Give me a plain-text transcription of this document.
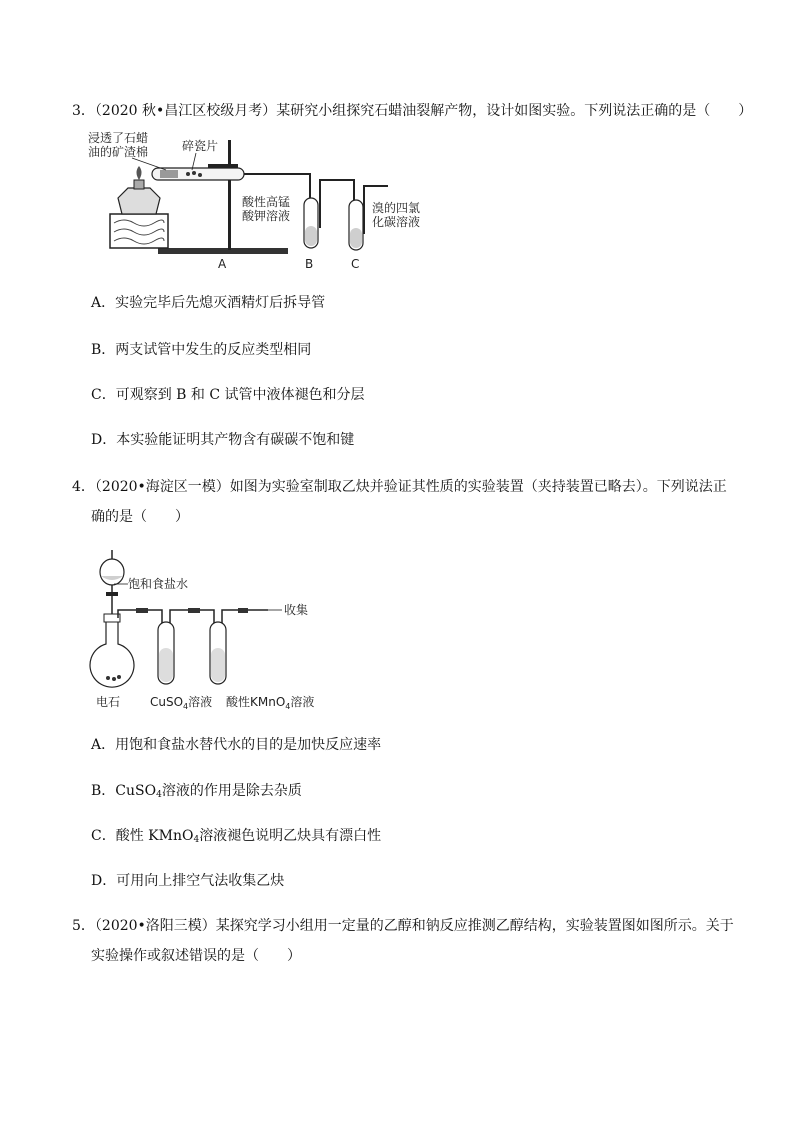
3．（2020 秋•昌江区校级月考）某研究小组探究石蜡油裂解产物，设计如图实验。下列说法正确的是（　　）
浸透了石蜡
油的矿渣棉	碎瓷片
酸性高锰
酸钾溶液
溴的四氯
化碳溶液
A	B	C
A．实验完毕后先熄灭酒精灯后拆导管
B．两支试管中发生的反应类型相同
C．可观察到 B 和 C 试管中液体褪色和分层
D．本实验能证明其产物含有碳碳不饱和键
4．（2020•海淀区一模）如图为实验室制取乙炔并验证其性质的实验装置（夹持装置已略去）。下列说法正
确的是（　　）
饱和食盐水
收集
电石 CuSO$_4$溶液 酸性KMnO$_4$溶液
A．用饱和食盐水替代水的目的是加快反应速率
B．CuSO$_4$溶液的作用是除去杂质
C．酸性 KMnO$_4$溶液褪色说明乙炔具有漂白性
D．可用向上排空气法收集乙炔
5．（2020•洛阳三模）某探究学习小组用一定量的乙醇和钠反应推测乙醇结构，实验装置图如图所示。关于
实验操作或叙述错误的是（　　）
